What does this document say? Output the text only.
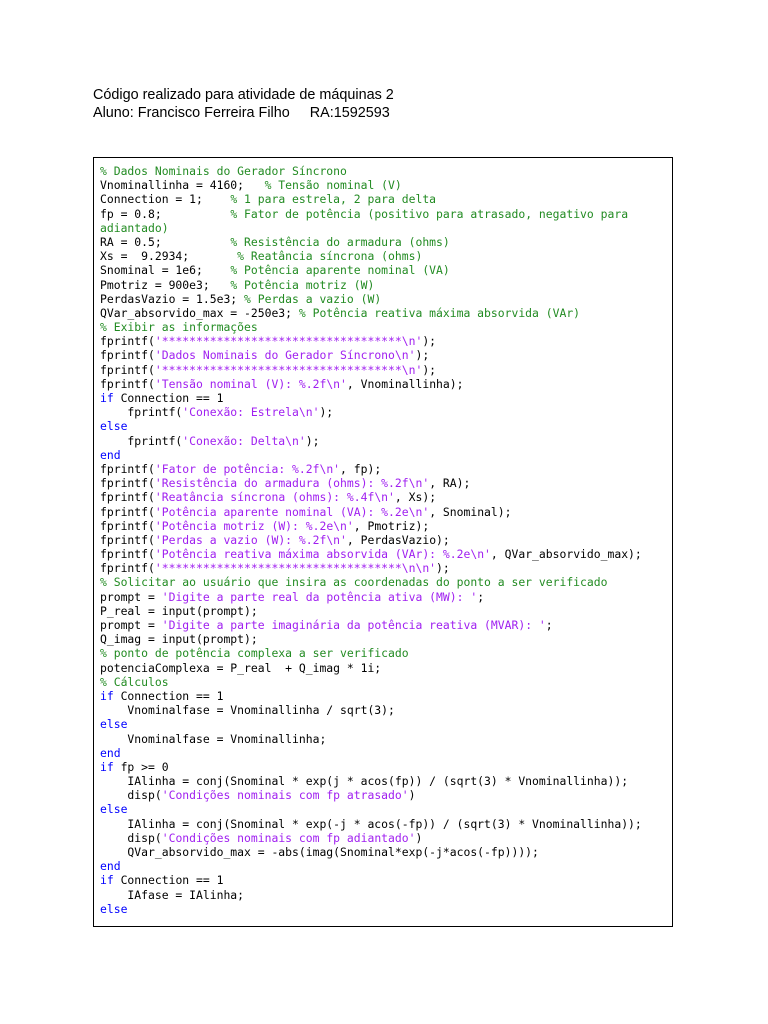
Código realizado para atividade de máquinas 2
Aluno: Francisco Ferreira Filho     RA:1592593
% Dados Nominais do Gerador Síncrono
Vnominallinha = 4160;   % Tensão nominal (V)
Connection = 1;    % 1 para estrela, 2 para delta
fp = 0.8;          % Fator de potência (positivo para atrasado, negativo para
adiantado)
RA = 0.5;          % Resistência do armadura (ohms)
Xs =  9.2934;       % Reatância síncrona (ohms)
Snominal = 1e6;    % Potência aparente nominal (VA)
Pmotriz = 900e3;   % Potência motriz (W)
PerdasVazio = 1.5e3; % Perdas a vazio (W)
QVar_absorvido_max = -250e3; % Potência reativa máxima absorvida (VAr)
% Exibir as informações
fprintf('***********************************\n');
fprintf('Dados Nominais do Gerador Síncrono\n');
fprintf('***********************************\n');
fprintf('Tensão nominal (V): %.2f\n', Vnominallinha);
if Connection == 1
fprintf('Conexão: Estrela\n');
else
fprintf('Conexão: Delta\n');
end
fprintf('Fator de potência: %.2f\n', fp);
fprintf('Resistência do armadura (ohms): %.2f\n', RA);
fprintf('Reatância síncrona (ohms): %.4f\n', Xs);
fprintf('Potência aparente nominal (VA): %.2e\n', Snominal);
fprintf('Potência motriz (W): %.2e\n', Pmotriz);
fprintf('Perdas a vazio (W): %.2f\n', PerdasVazio);
fprintf('Potência reativa máxima absorvida (VAr): %.2e\n', QVar_absorvido_max);
fprintf('***********************************\n\n');
% Solicitar ao usuário que insira as coordenadas do ponto a ser verificado
prompt = 'Digite a parte real da potência ativa (MW): ';
P_real = input(prompt);
prompt = 'Digite a parte imaginária da potência reativa (MVAR): ';
Q_imag = input(prompt);
% ponto de potência complexa a ser verificado
potenciaComplexa = P_real  + Q_imag * 1i;
% Cálculos
if Connection == 1
Vnominalfase = Vnominallinha / sqrt(3);
else
Vnominalfase = Vnominallinha;
end
if fp >= 0
IAlinha = conj(Snominal * exp(j * acos(fp)) / (sqrt(3) * Vnominallinha));
disp('Condições nominais com fp atrasado')
else
IAlinha = conj(Snominal * exp(-j * acos(-fp)) / (sqrt(3) * Vnominallinha));
disp('Condições nominais com fp adiantado')
QVar_absorvido_max = -abs(imag(Snominal*exp(-j*acos(-fp))));
end
if Connection == 1
IAfase = IAlinha;
else
